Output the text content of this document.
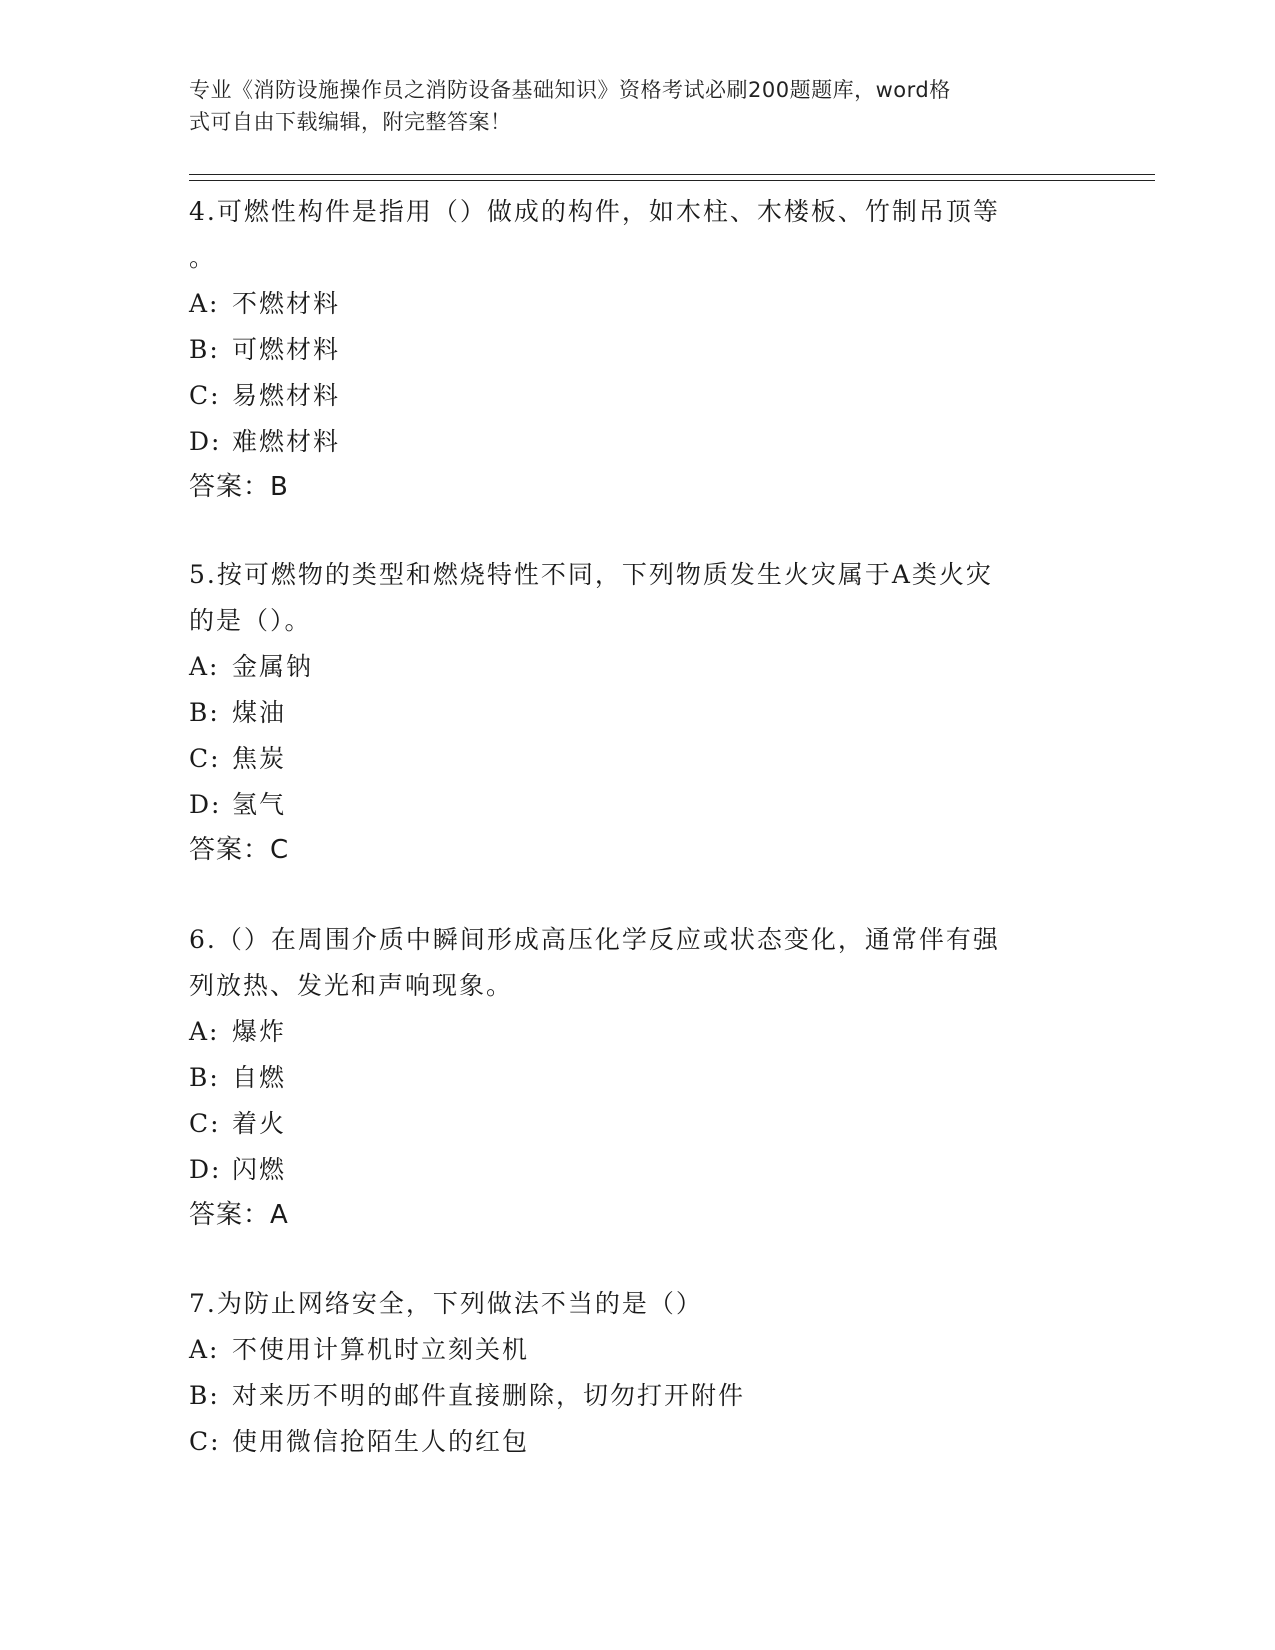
专业《消防设施操作员之消防设备基础知识》资格考试必刷200题题库，word格
式可自由下载编辑，附完整答案！

4.可燃性构件是指用（）做成的构件，如木柱、木楼板、竹制吊顶等

。

A: 不燃材料

B: 可燃材料

C: 易燃材料

D: 难燃材料

答案：B

5.按可燃物的类型和燃烧特性不同，下列物质发生火灾属于A类火灾

的是（）。

A: 金属钠

B: 煤油

C: 焦炭

D: 氢气

答案：C

6.（）在周围介质中瞬间形成高压化学反应或状态变化，通常伴有强

列放热、发光和声响现象。

A: 爆炸

B: 自燃

C: 着火

D: 闪燃

答案：A

7.为防止网络安全，下列做法不当的是（）

A: 不使用计算机时立刻关机

B: 对来历不明的邮件直接删除，切勿打开附件

C: 使用微信抢陌生人的红包
